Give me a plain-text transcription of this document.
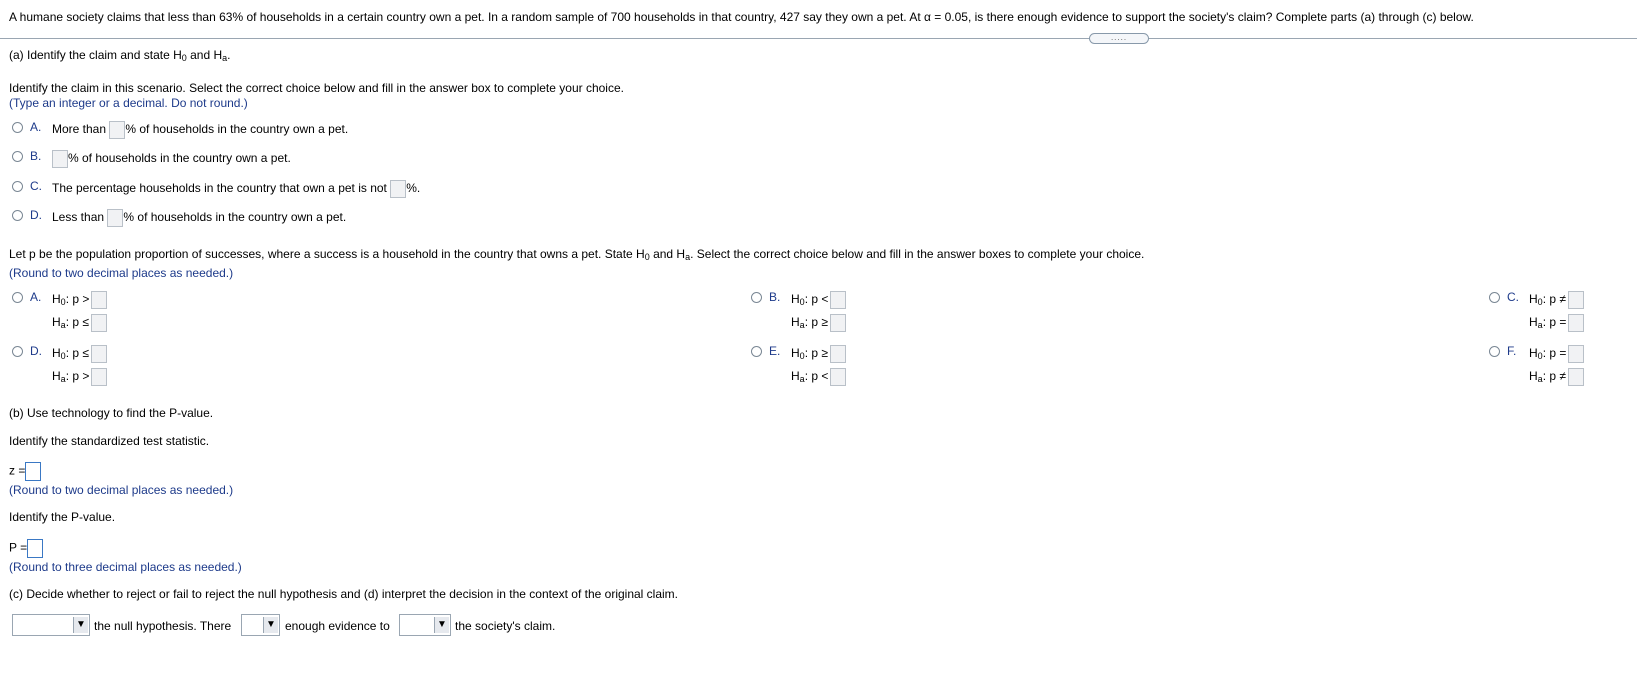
A humane society claims that less than 63% of households in a certain country own a pet. In a random sample of 700 households in that country, 427 say they own a pet. At α = 0.05, is there enough evidence to support the society's claim? Complete parts (a) through (c) below.
.....
(a) Identify the claim and state $H_0$ and $H_a$.
Identify the claim in this scenario. Select the correct choice below and fill in the answer box to complete your choice.
(Type an integer or a decimal. Do not round.)
A. More than % of households in the country own a pet.
B.	% of households in the country own a pet.
C. The percentage households in the country that own a pet is not %.
D. Less than % of households in the country own a pet.
Let p be the population proportion of successes, where a success is a household in the country that owns a pet. State $H_0$ and $H_a$. Select the correct choice below and fill in the answer boxes to complete your choice.
(Round to two decimal places as needed.)
A. $H_0$: p >
$H_a$: p ≤
B. $H_0$: p <
$H_a$: p ≥
C. $H_0$: p ≠
$H_a$: p =
D. $H_0$: p ≤
$H_a$: p >
E. $H_0$: p ≥
$H_a$: p <
F. $H_0$: p =
$H_a$: p ≠
(b) Use technology to find the P-value.
Identify the standardized test statistic.
z =
(Round to two decimal places as needed.)
Identify the P-value.
P =
(Round to three decimal places as needed.)
(c) Decide whether to reject or fail to reject the null hypothesis and (d) interpret the decision in the context of the original claim.
▼ the null hypothesis. There	▼ enough evidence to	▼ the society's claim.
